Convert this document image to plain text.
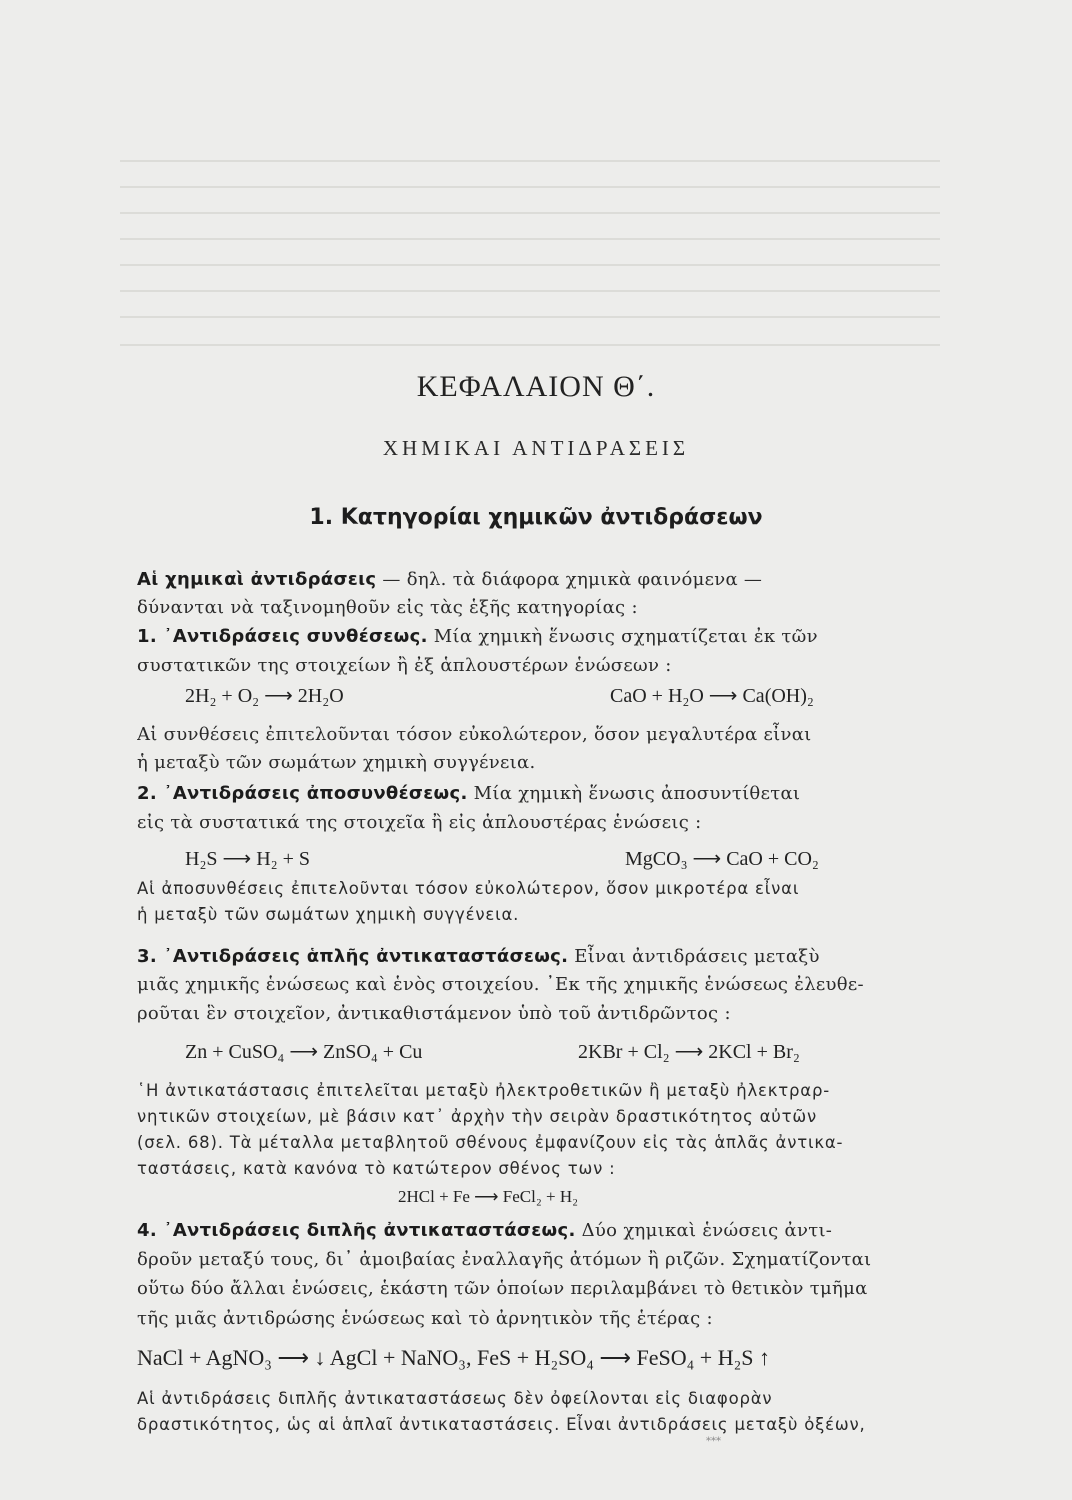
ΚΕΦΑΛΑΙΟΝ Θ΄.
ΧΗΜΙΚΑΙ ΑΝΤΙΔΡΑΣΕΙΣ
1. Κατηγορίαι χημικῶν ἀντιδράσεων
Αἱ χημικαὶ ἀντιδράσεις — δηλ. τὰ διάφορα χημικὰ φαινόμενα —
δύνανται νὰ ταξινομηθοῦν εἰς τὰς ἑξῆς κατηγορίας :
1. ᾿Αντιδράσεις συνθέσεως. Μία χημικὴ ἕνωσις σχηματίζεται ἐκ τῶν
συστατικῶν της στοιχείων ἢ ἐξ ἁπλουστέρων ἑνώσεων :
2H₂ + O₂ ⟶ 2H₂O	CaO + H₂O ⟶ Ca(OH)₂
Αἱ συνθέσεις ἐπιτελοῦνται τόσον εὐκολώτερον, ὅσον μεγαλυτέρα εἶναι
ἡ μεταξὺ τῶν σωμάτων χημικὴ συγγένεια.
2. ᾿Αντιδράσεις ἀποσυνθέσεως. Μία χημικὴ ἕνωσις ἀποσυντίθεται
εἰς τὰ συστατικά της στοιχεῖα ἢ εἰς ἁπλουστέρας ἑνώσεις :
H₂S ⟶ H₂ + S	MgCO₃ ⟶ CaO + CO₂
Αἱ ἀποσυνθέσεις ἐπιτελοῦνται τόσον εὐκολώτερον, ὅσον μικροτέρα εἶναι
ἡ μεταξὺ τῶν σωμάτων χημικὴ συγγένεια.
3. ᾿Αντιδράσεις ἁπλῆς ἀντικαταστάσεως. Εἶναι ἀντιδράσεις μεταξὺ
μιᾶς χημικῆς ἑνώσεως καὶ ἑνὸς στοιχείου. ᾿Εκ τῆς χημικῆς ἑνώσεως ἐλευθε-
ροῦται ἓν στοιχεῖον, ἀντικαθιστάμενον ὑπὸ τοῦ ἀντιδρῶντος :
Zn + CuSO₄ ⟶ ZnSO₄ + Cu	2KBr + Cl₂ ⟶ 2KCl + Br₂
῾Η ἀντικατάστασις ἐπιτελεῖται μεταξὺ ἠλεκτροθετικῶν ἢ μεταξὺ ἠλεκτραρ-
νητικῶν στοιχείων, μὲ βάσιν κατ᾿ ἀρχὴν τὴν σειρὰν δραστικότητος αὐτῶν
(σελ. 68). Τὰ μέταλλα μεταβλητοῦ σθένους ἐμφανίζουν εἰς τὰς ἁπλᾶς ἀντικα-
ταστάσεις, κατὰ κανόνα τὸ κατώτερον σθένος των :
2HCl + Fe ⟶ FeCl₂ + H₂
4. ᾿Αντιδράσεις διπλῆς ἀντικαταστάσεως. Δύο χημικαὶ ἑνώσεις ἀντι-
δροῦν μεταξύ τους, δι᾿ ἀμοιβαίας ἐναλλαγῆς ἀτόμων ἢ ριζῶν. Σχηματίζονται
οὕτω δύο ἄλλαι ἑνώσεις, ἑκάστη τῶν ὁποίων περιλαμβάνει τὸ θετικὸν τμῆμα
τῆς μιᾶς ἀντιδρώσης ἑνώσεως καὶ τὸ ἀρνητικὸν τῆς ἑτέρας :
NaCl + AgNO₃ ⟶ ↓ AgCl + NaNO₃, FeS + H₂SO₄ ⟶ FeSO₄ + H₂S ↑
Αἱ ἀντιδράσεις διπλῆς ἀντικαταστάσεως δὲν ὀφείλονται εἰς διαφορὰν
δραστικότητος, ὡς αἱ ἁπλαῖ ἀντικαταστάσεις. Εἶναι ἀντιδράσεις μεταξὺ ὀξέων,
***
